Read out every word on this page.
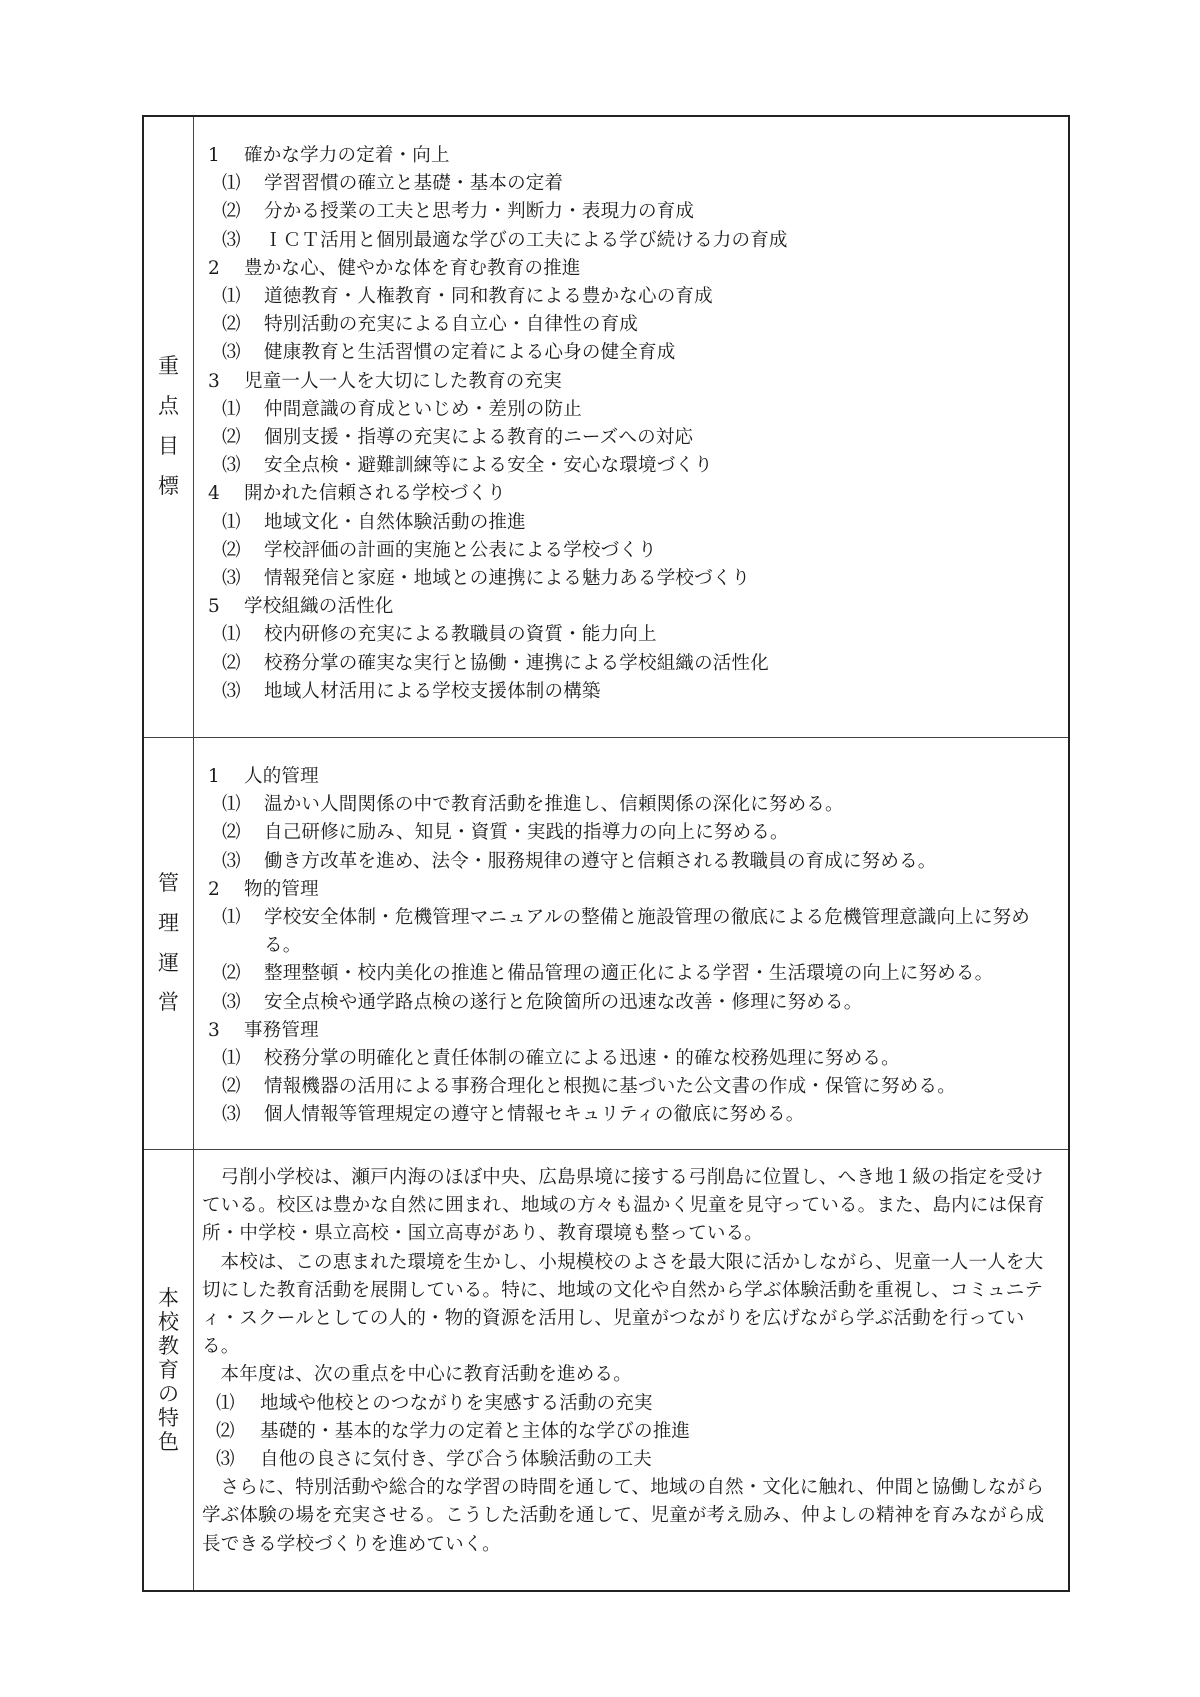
重
点
目
標
1 確かな学力の定着・向上
⑴ 学習習慣の確立と基礎・基本の定着
⑵ 分かる授業の工夫と思考力・判断力・表現力の育成
⑶ ＩＣＴ活用と個別最適な学びの工夫による学び続ける力の育成
2 豊かな心、健やかな体を育む教育の推進
⑴ 道徳教育・人権教育・同和教育による豊かな心の育成
⑵ 特別活動の充実による自立心・自律性の育成
⑶ 健康教育と生活習慣の定着による心身の健全育成
3 児童一人一人を大切にした教育の充実
⑴ 仲間意識の育成といじめ・差別の防止
⑵ 個別支援・指導の充実による教育的ニーズへの対応
⑶ 安全点検・避難訓練等による安全・安心な環境づくり
4 開かれた信頼される学校づくり
⑴ 地域文化・自然体験活動の推進
⑵ 学校評価の計画的実施と公表による学校づくり
⑶ 情報発信と家庭・地域との連携による魅力ある学校づくり
5 学校組織の活性化
⑴ 校内研修の充実による教職員の資質・能力向上
⑵ 校務分掌の確実な実行と協働・連携による学校組織の活性化
⑶ 地域人材活用による学校支援体制の構築
管
理
運
営
1 人的管理
⑴ 温かい人間関係の中で教育活動を推進し、信頼関係の深化に努める。
⑵ 自己研修に励み、知見・資質・実践的指導力の向上に努める。
⑶ 働き方改革を進め、法令・服務規律の遵守と信頼される教職員の育成に努める。
2 物的管理
⑴ 学校安全体制・危機管理マニュアルの整備と施設管理の徹底による危機管理意識向上に努める。
⑵ 整理整頓・校内美化の推進と備品管理の適正化による学習・生活環境の向上に努める。
⑶ 安全点検や通学路点検の遂行と危険箇所の迅速な改善・修理に努める。
3 事務管理
⑴ 校務分掌の明確化と責任体制の確立による迅速・的確な校務処理に努める。
⑵ 情報機器の活用による事務合理化と根拠に基づいた公文書の作成・保管に努める。
⑶ 個人情報等管理規定の遵守と情報セキュリティの徹底に努める。
本
校
教
育
の
特
色
弓削小学校は、瀬戸内海のほぼ中央、広島県境に接する弓削島に位置し、へき地１級の指定を受けている。校区は豊かな自然に囲まれ、地域の方々も温かく児童を見守っている。また、島内には保育所・中学校・県立高校・国立高専があり、教育環境も整っている。
本校は、この恵まれた環境を生かし、小規模校のよさを最大限に活かしながら、児童一人一人を大切にした教育活動を展開している。特に、地域の文化や自然から学ぶ体験活動を重視し、コミュニティ・スクールとしての人的・物的資源を活用し、児童がつながりを広げながら学ぶ活動を行っている。
本年度は、次の重点を中心に教育活動を進める。
⑴ 地域や他校とのつながりを実感する活動の充実
⑵ 基礎的・基本的な学力の定着と主体的な学びの推進
⑶ 自他の良さに気付き、学び合う体験活動の工夫
さらに、特別活動や総合的な学習の時間を通して、地域の自然・文化に触れ、仲間と協働しながら学ぶ体験の場を充実させる。こうした活動を通して、児童が考え励み、仲よしの精神を育みながら成長できる学校づくりを進めていく。
